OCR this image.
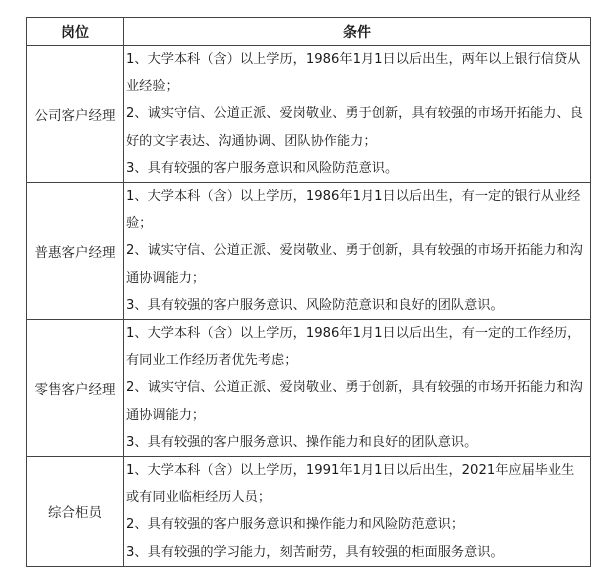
岗位	条件
公司客户经理	1、大学本科（含）以上学历，1986年1月1日以后出生，两年以上银行信贷从业经验；
2、诚实守信、公道正派、爱岗敬业、勇于创新，具有较强的市场开拓能力、良好的文字表达、沟通协调、团队协作能力；
3、具有较强的客户服务意识和风险防范意识。

普惠客户经理	1、大学本科（含）以上学历，1986年1月1日以后出生，有一定的银行从业经验；
2、诚实守信、公道正派、爱岗敬业、勇于创新，具有较强的市场开拓能力和沟通协调能力；
3、具有较强的客户服务意识、风险防范意识和良好的团队意识。

零售客户经理	1、大学本科（含）以上学历，1986年1月1日以后出生，有一定的工作经历，有同业工作经历者优先考虑；
2、诚实守信、公道正派、爱岗敬业、勇于创新，具有较强的市场开拓能力和沟通协调能力；
3、具有较强的客户服务意识、操作能力和良好的团队意识。

综合柜员	1、大学本科（含）以上学历，1991年1月1日以后出生，2021年应届毕业生或有同业临柜经历人员；
2、具有较强的客户服务意识和操作能力和风险防范意识；
3、具有较强的学习能力，刻苦耐劳，具有较强的柜面服务意识。
